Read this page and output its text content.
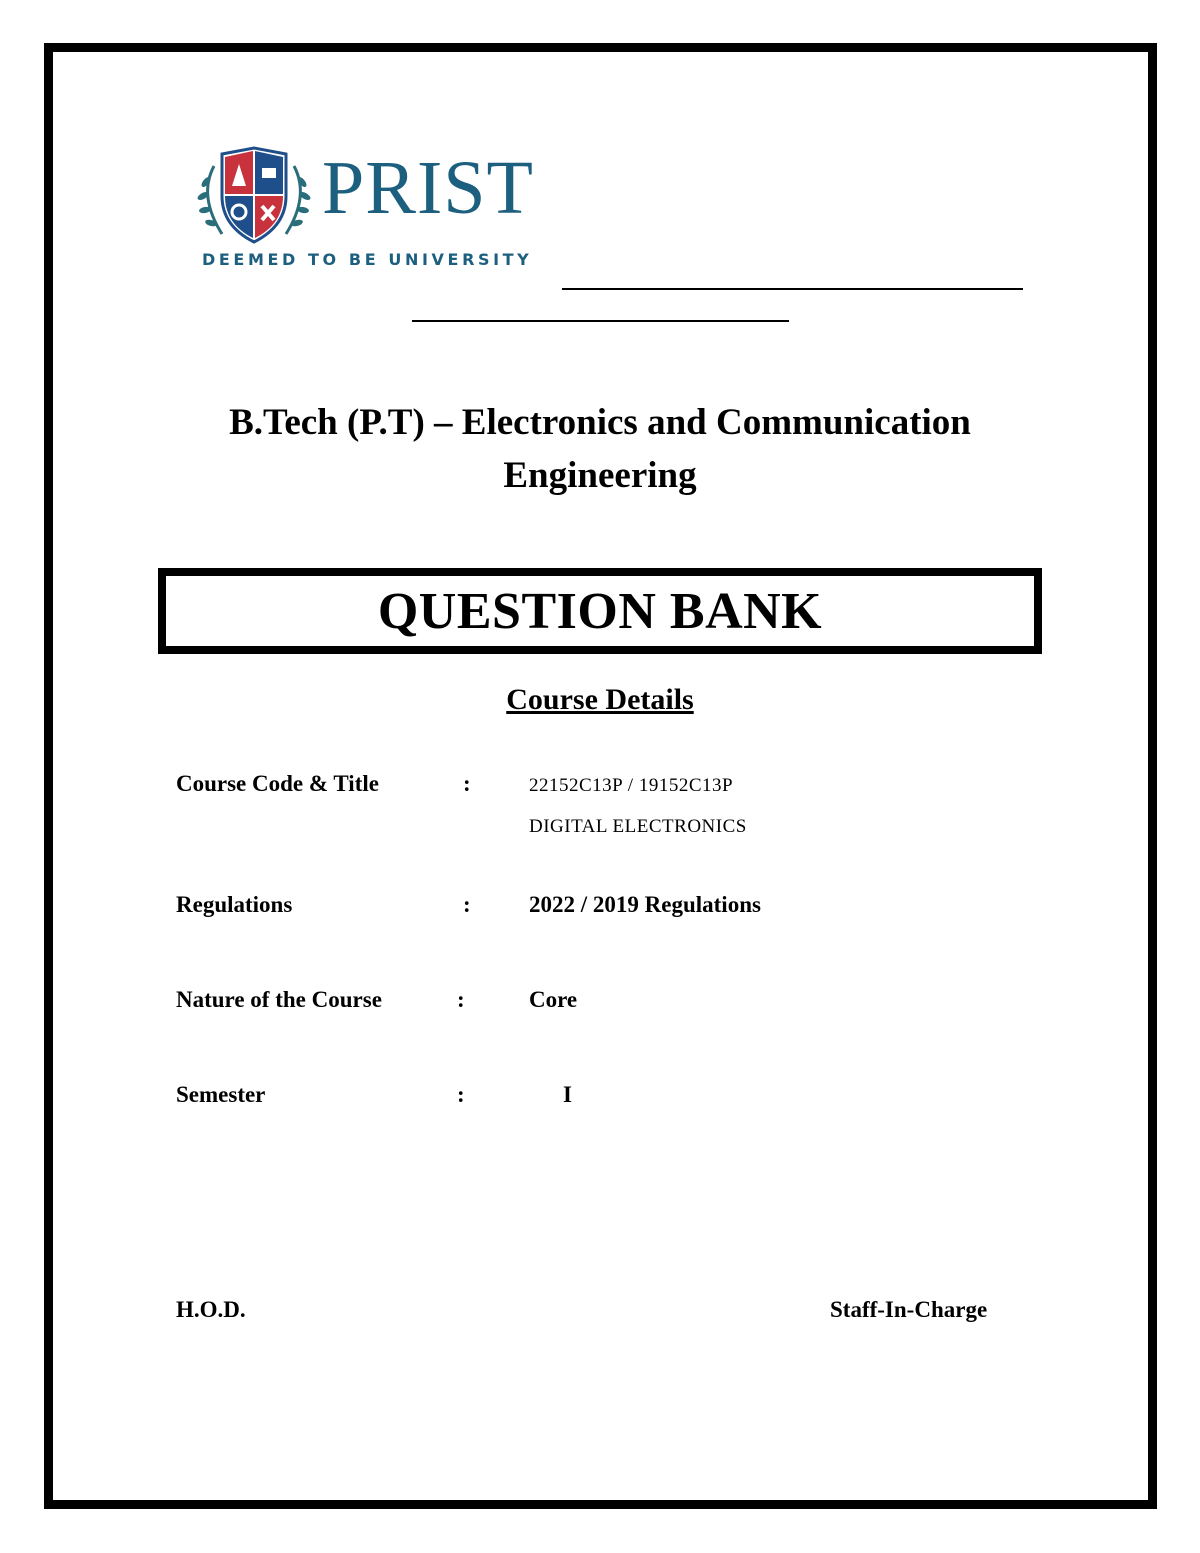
PRIST
DEEMED TO BE UNIVERSITY
B.Tech (P.T) – Electronics and Communication
Engineering
QUESTION BANK
Course Details
Course Code & Title	:	22152C13P / 19152C13P
DIGITAL ELECTRONICS
Regulations	:	2022 / 2019 Regulations
Nature of the Course	:	Core
Semester	:	I
H.O.D.	Staff-In-Charge
